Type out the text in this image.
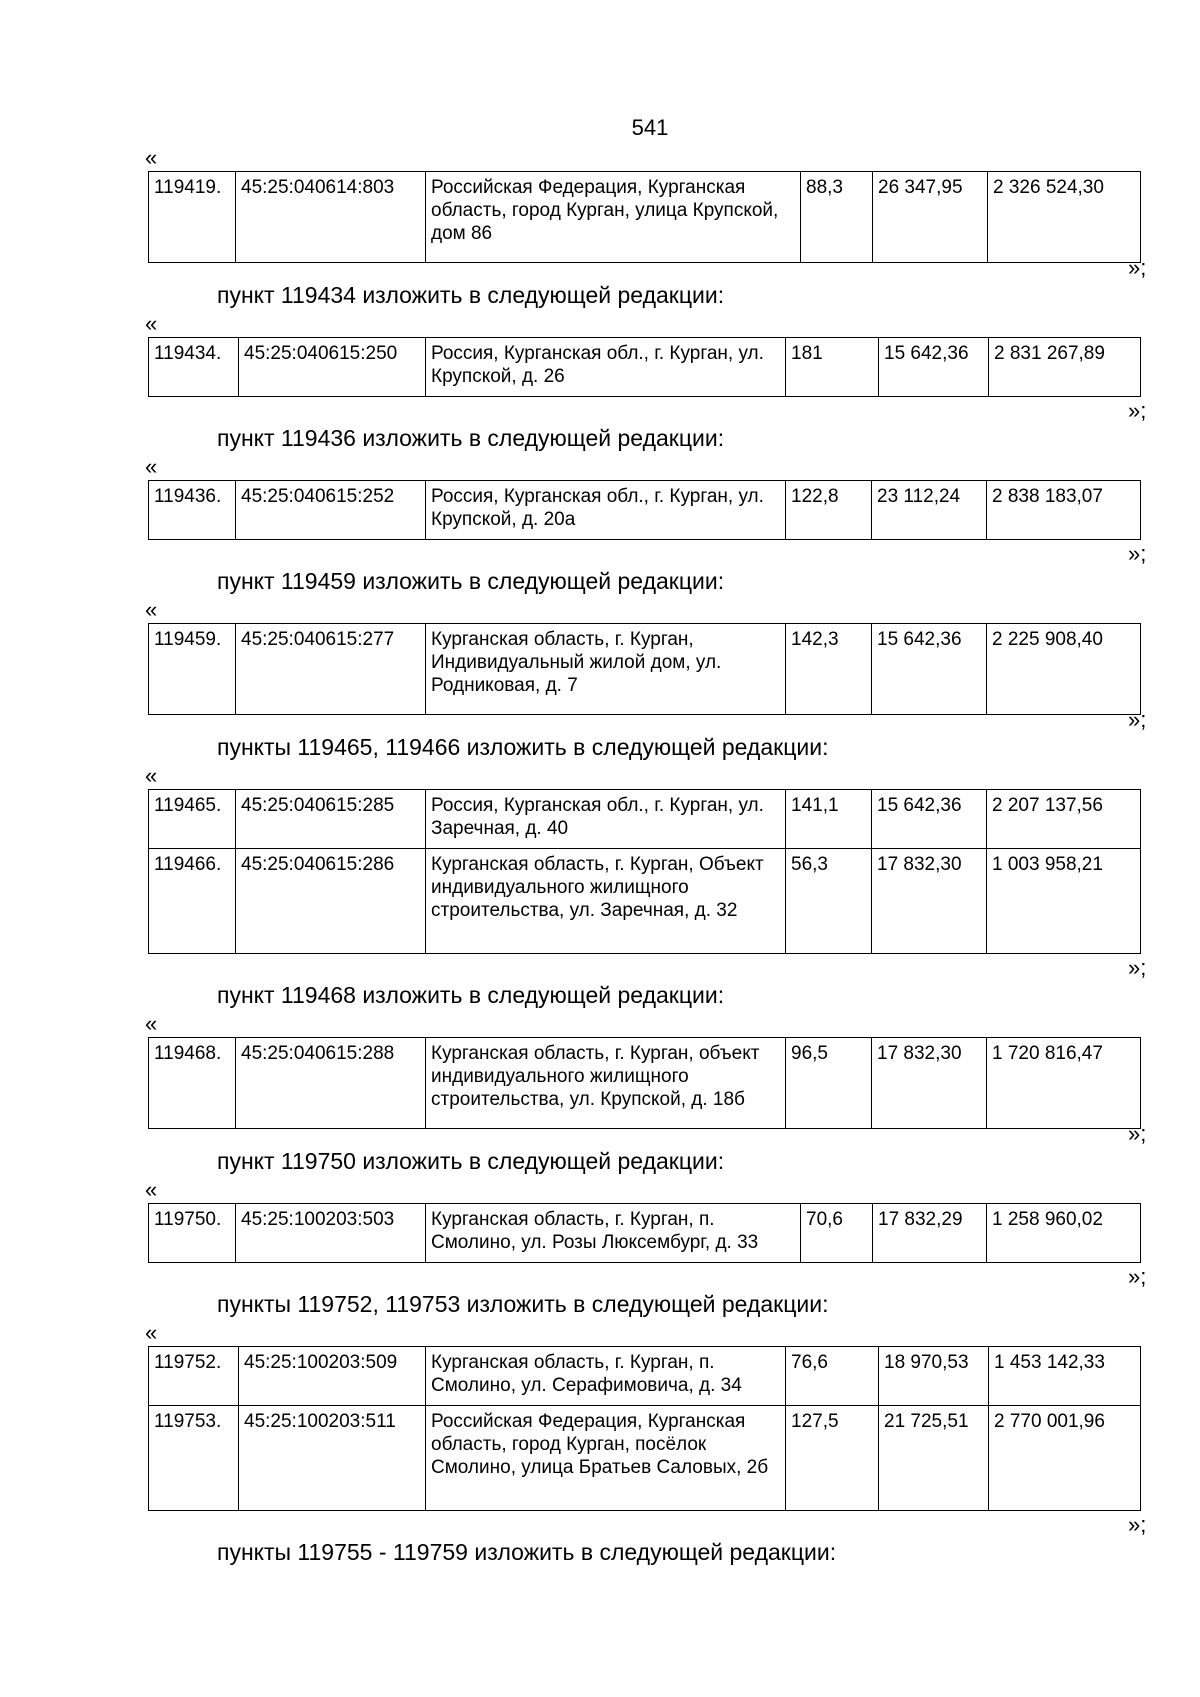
541
«
119419.	45:25:040614:803	Российская Федерация, Курганская область, город Курган, улица Крупской, дом 86	88,3	26 347,95	2 326 524,30
»;
пункт 119434 изложить в следующей редакции:
«
119434.	45:25:040615:250	Россия, Курганская обл., г. Курган, ул. Крупской, д. 26	181	15 642,36	2 831 267,89
»;
пункт 119436 изложить в следующей редакции:
«
119436.	45:25:040615:252	Россия, Курганская обл., г. Курган, ул. Крупской, д. 20а	122,8	23 112,24	2 838 183,07
»;
пункт 119459 изложить в следующей редакции:
«
119459.	45:25:040615:277	Курганская область, г. Курган, Индивидуальный жилой дом, ул. Родниковая, д. 7	142,3	15 642,36	2 225 908,40
»;
пункты 119465, 119466 изложить в следующей редакции:
«
119465.	45:25:040615:285	Россия, Курганская обл., г. Курган, ул. Заречная, д. 40	141,1	15 642,36	2 207 137,56
119466.	45:25:040615:286	Курганская область, г. Курган, Объект индивидуального жилищного строительства, ул. Заречная, д. 32	56,3	17 832,30	1 003 958,21
»;
пункт 119468 изложить в следующей редакции:
«
119468.	45:25:040615:288	Курганская область, г. Курган, объект индивидуального жилищного строительства, ул. Крупской, д. 18б	96,5	17 832,30	1 720 816,47
»;
пункт 119750 изложить в следующей редакции:
«
119750.	45:25:100203:503	Курганская область, г. Курган, п. Смолино, ул. Розы Люксембург, д. 33	70,6	17 832,29	1 258 960,02
»;
пункты 119752, 119753 изложить в следующей редакции:
«
119752.	45:25:100203:509	Курганская область, г. Курган, п. Смолино, ул. Серафимовича, д. 34	76,6	18 970,53	1 453 142,33
119753.	45:25:100203:511	Российская Федерация, Курганская область, город Курган, посёлок Смолино, улица Братьев Саловых, 2б	127,5	21 725,51	2 770 001,96
»;
пункты 119755 - 119759 изложить в следующей редакции:
